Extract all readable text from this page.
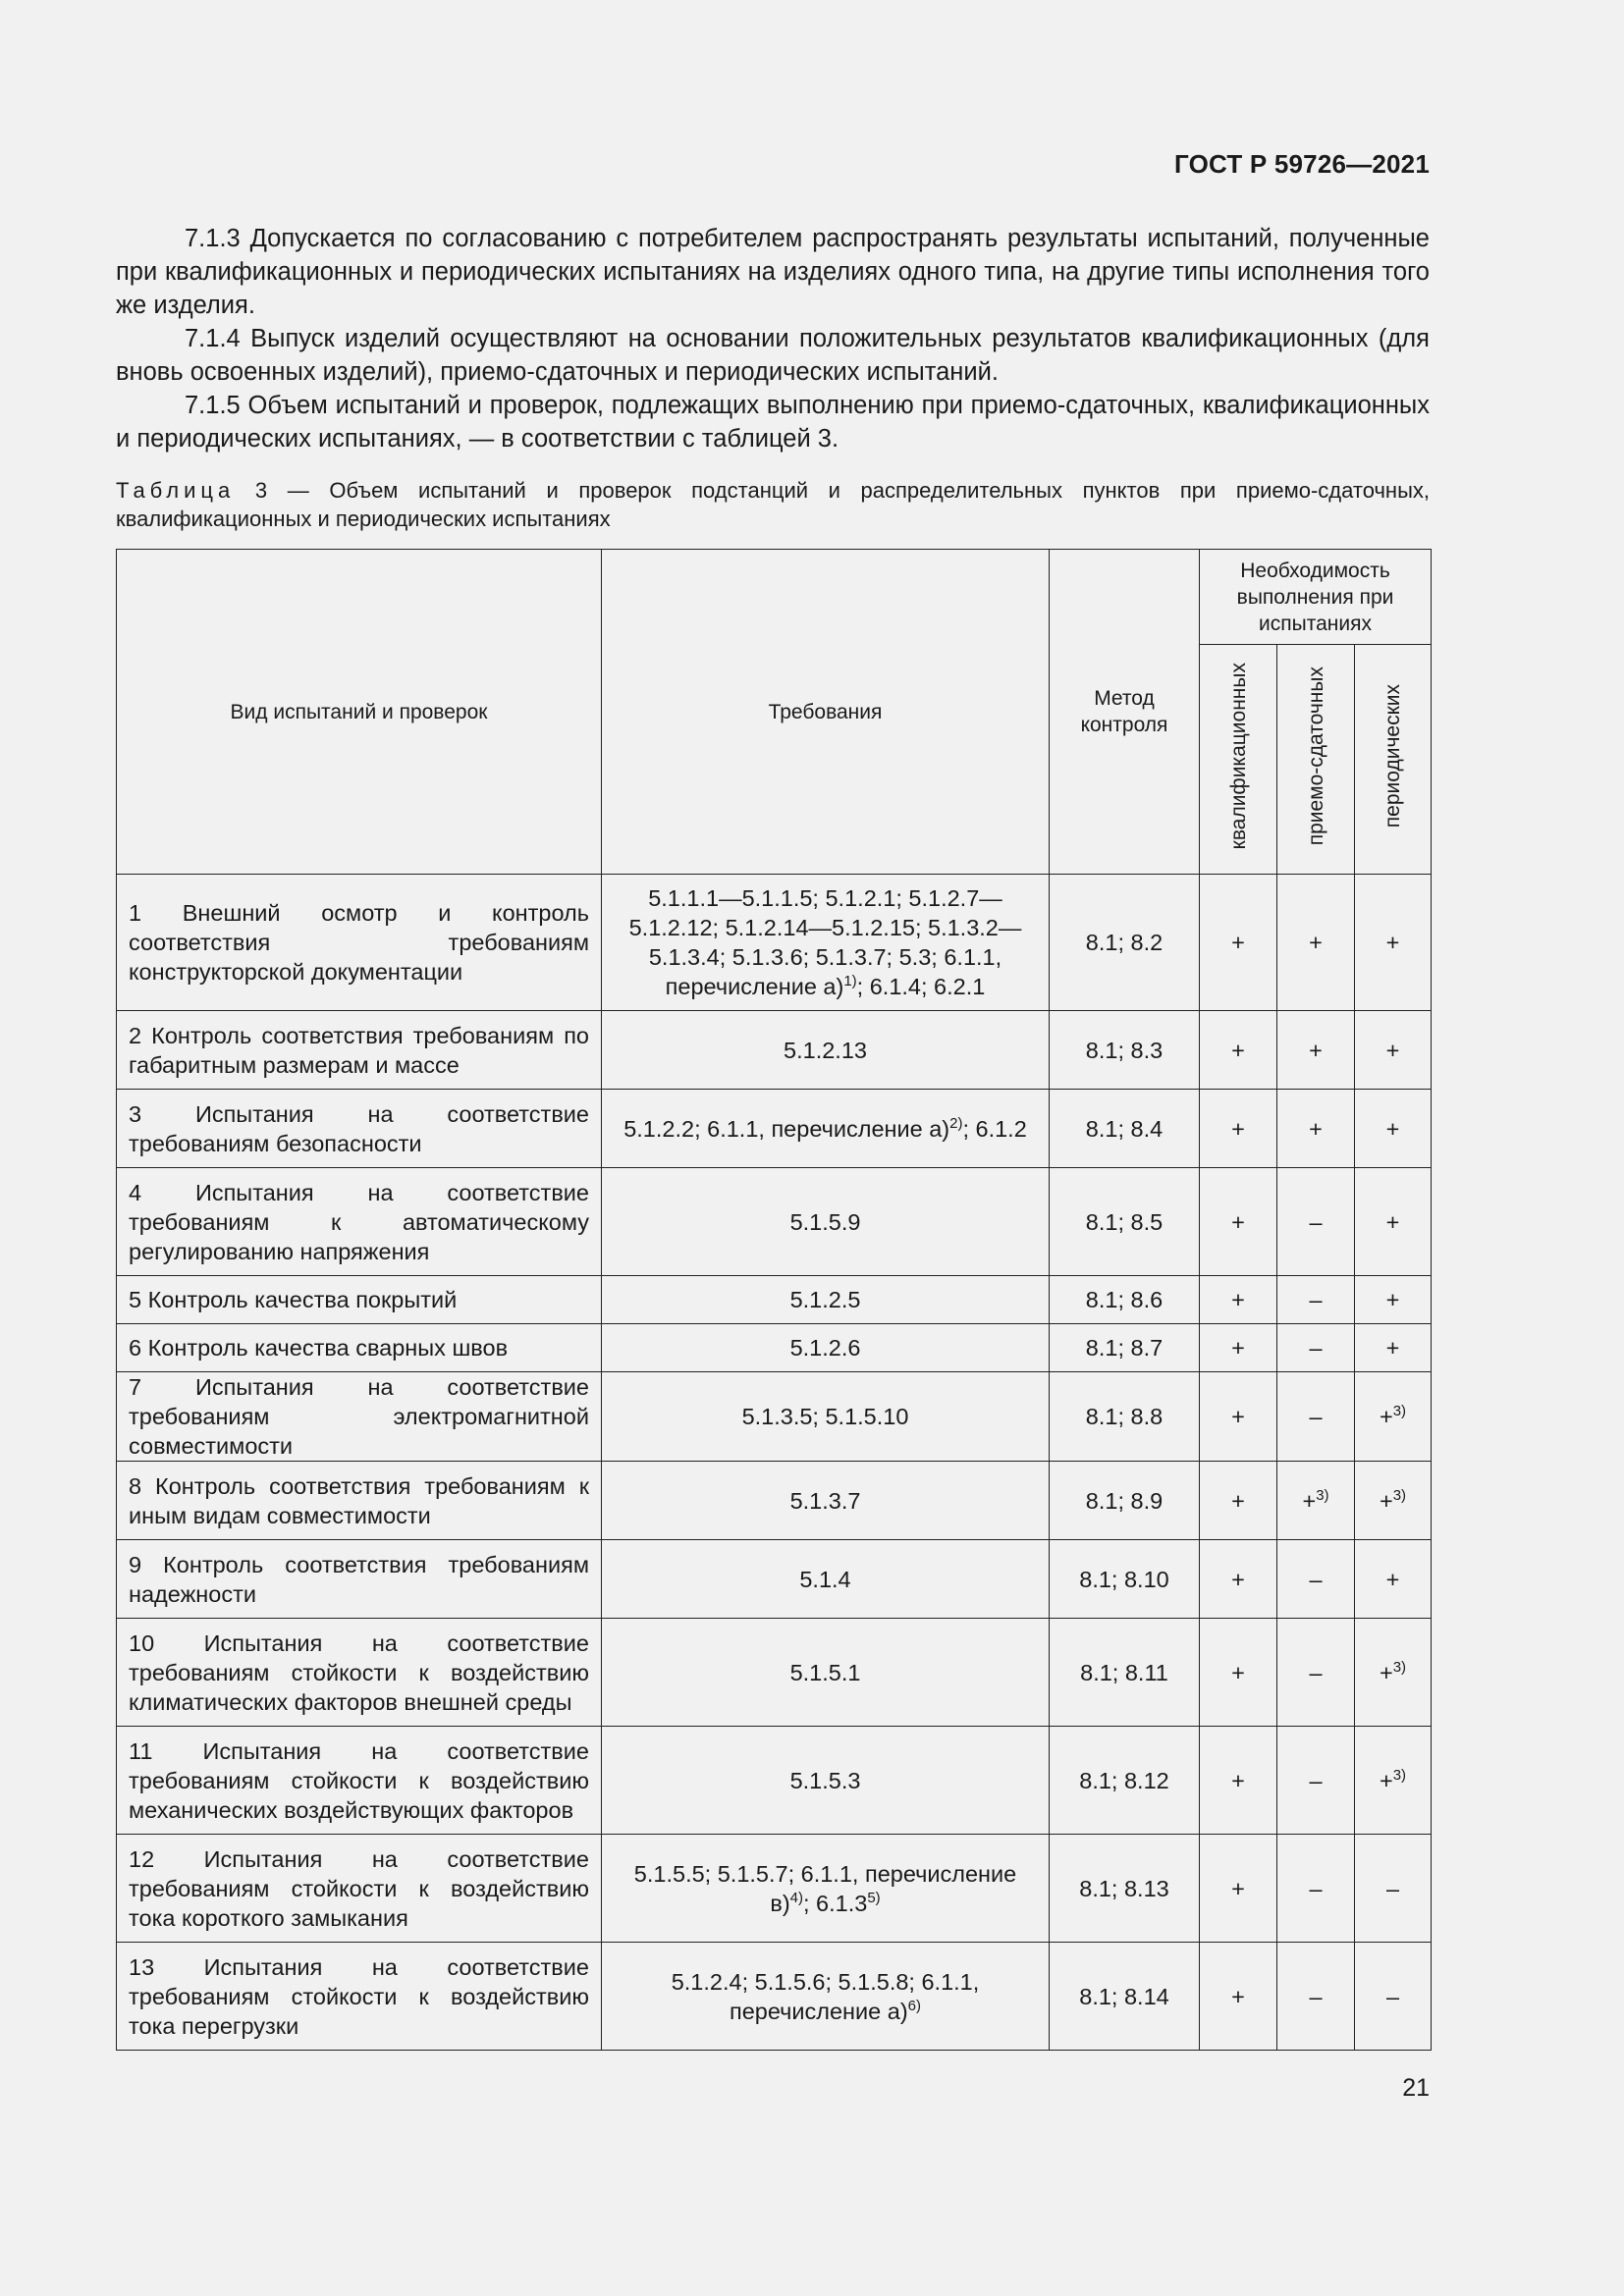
ГОСТ Р 59726—2021

7.1.3 Допускается по согласованию с потребителем распространять результаты испытаний, полученные при квалификационных и периодических испытаниях на изделиях одного типа, на другие типы исполнения того же изделия.

7.1.4 Выпуск изделий осуществляют на основании положительных результатов квалификационных (для вновь освоенных изделий), приемо-сдаточных и периодических испытаний.

7.1.5 Объем испытаний и проверок, подлежащих выполнению при приемо-сдаточных, квалификационных и периодических испытаниях, — в соответствии с таблицей 3.

Таблица 3 — Объем испытаний и проверок подстанций и распределительных пунктов при приемо-сдаточных, квалификационных и периодических испытаниях
Вид испытаний и проверок	Требования	Метод контроля	Необходимость выполнения при испытаниях		
			квалификационных	приемо-сдаточных	периодических
1 Внешний осмотр и контроль соответствия требованиям конструкторской документации	5.1.1.1—5.1.1.5; 5.1.2.1; 5.1.2.7—5.1.2.12; 5.1.2.14—5.1.2.15; 5.1.3.2—5.1.3.4; 5.1.3.6; 5.1.3.7; 5.3; 6.1.1, перечисление а)$^{1)}$; 6.1.4; 6.2.1	8.1; 8.2	+	+	+
2 Контроль соответствия требованиям по габаритным размерам и массе	5.1.2.13	8.1; 8.3	+	+	+
3 Испытания на соответствие требованиям безопасности	5.1.2.2; 6.1.1, перечисление а)$^{2)}$; 6.1.2	8.1; 8.4	+	+	+
4 Испытания на соответствие требованиям к автоматическому регулированию напряжения	5.1.5.9	8.1; 8.5	+	–	+
5 Контроль качества покрытий	5.1.2.5	8.1; 8.6	+	–	+
6 Контроль качества сварных швов	5.1.2.6	8.1; 8.7	+	–	+
7 Испытания на соответствие требованиям электромагнитной совместимости	5.1.3.5; 5.1.5.10	8.1; 8.8	+	–	+$^{3)}$
8 Контроль соответствия требованиям к иным видам совместимости	5.1.3.7	8.1; 8.9	+	+$^{3)}$	+$^{3)}$
9 Контроль соответствия требованиям надежности	5.1.4	8.1; 8.10	+	–	+
10 Испытания на соответствие требованиям стойкости к воздействию климатических факторов внешней среды	5.1.5.1	8.1; 8.11	+	–	+$^{3)}$
11 Испытания на соответствие требованиям стойкости к воздействию механических воздействующих факторов	5.1.5.3	8.1; 8.12	+	–	+$^{3)}$
12 Испытания на соответствие требованиям стойкости к воздействию тока короткого замыкания	5.1.5.5; 5.1.5.7; 6.1.1, перечисление в)$^{4)}$; 6.1.3$^{5)}$	8.1; 8.13	+	–	–
13 Испытания на соответствие требованиям стойкости к воздействию тока перегрузки	5.1.2.4; 5.1.5.6; 5.1.5.8; 6.1.1, перечисление а)$^{6)}$	8.1; 8.14	+	–	–
21
